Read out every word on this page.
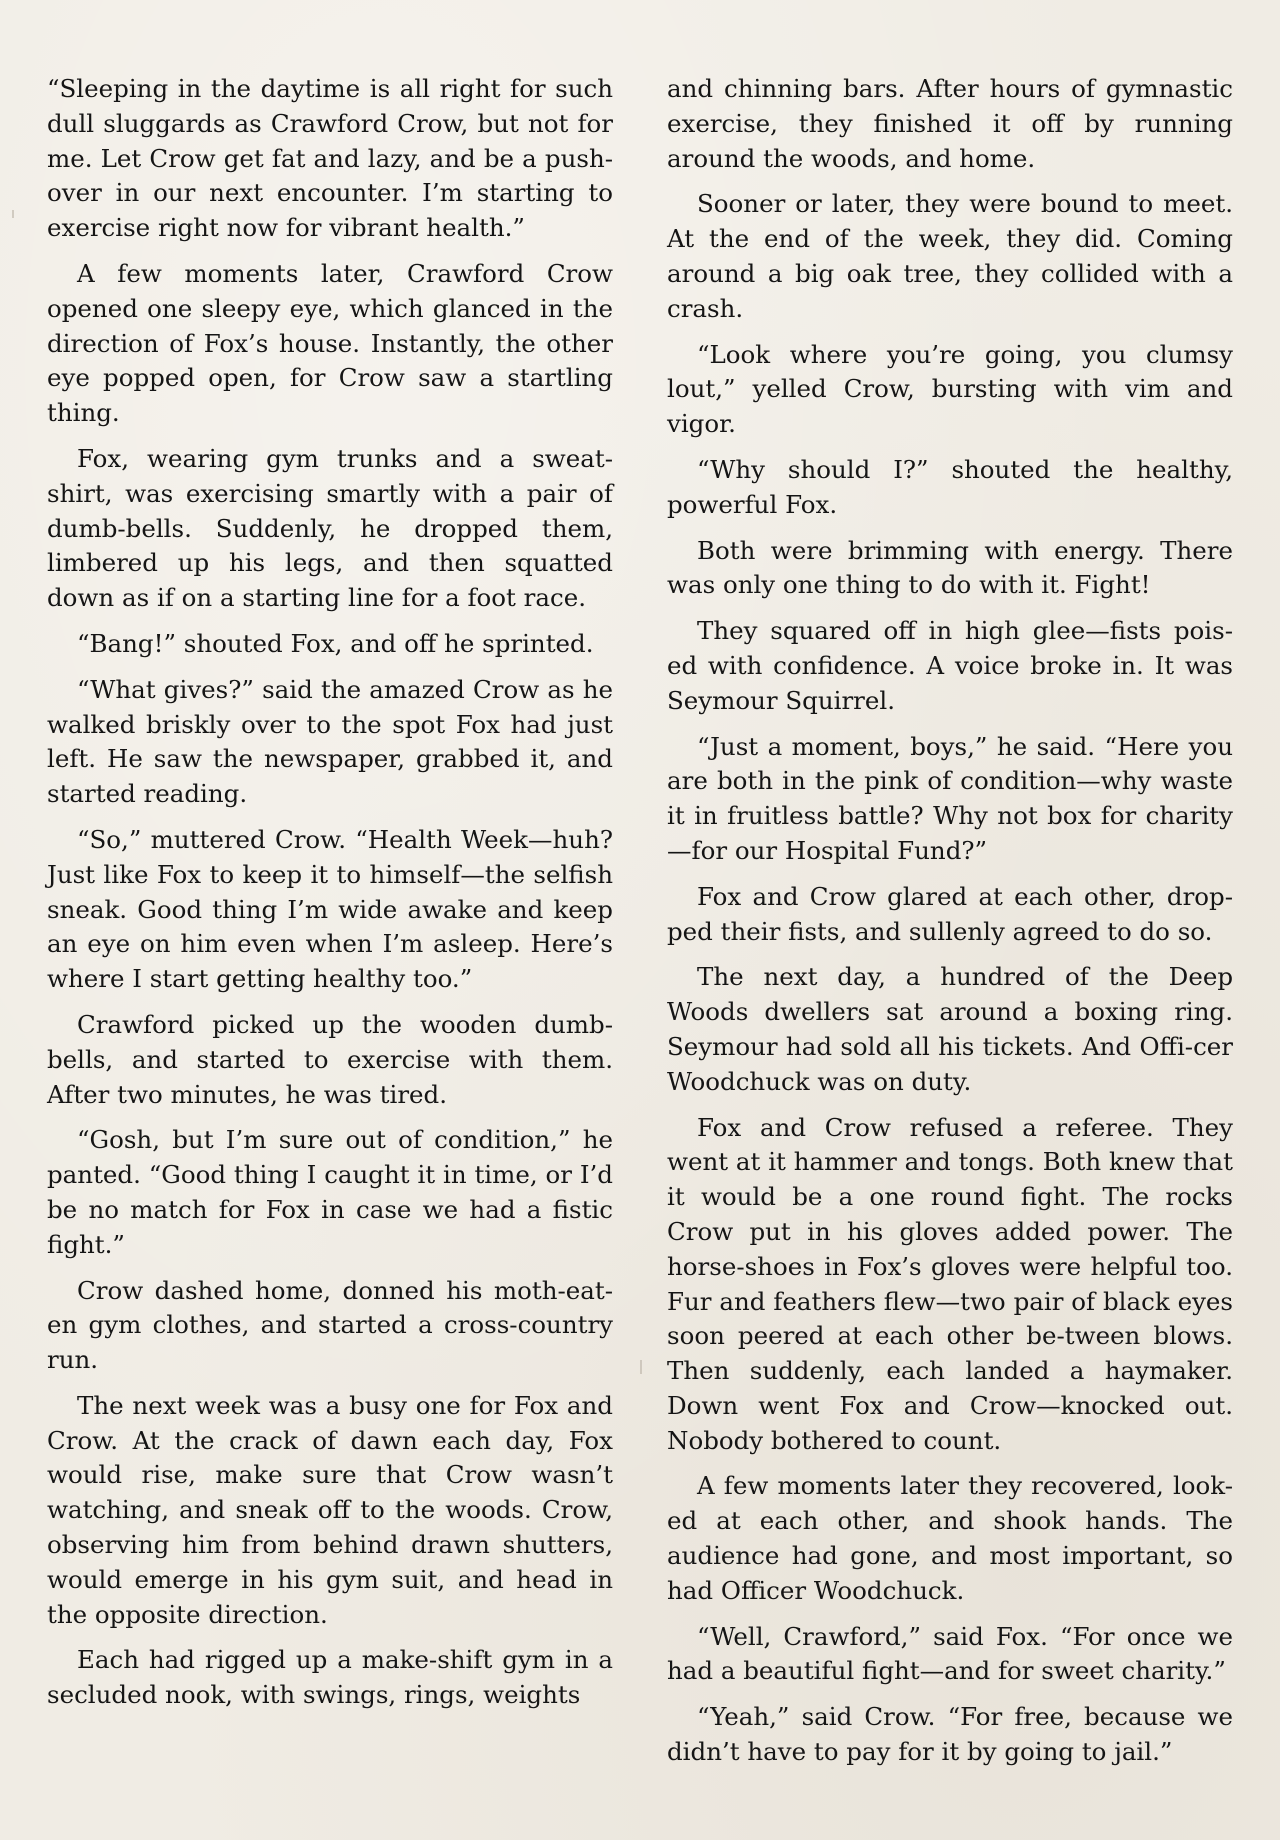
“Sleeping in the daytime is all right for such dull sluggards as Crawford Crow, but not for me. Let Crow get fat and lazy, and be a push-over in our next encounter. I’m starting to exercise right now for vibrant health.”

A few moments later, Crawford Crow opened one sleepy eye, which glanced in the direction of Fox’s house. Instantly, the other eye popped open, for Crow saw a startling thing.

Fox, wearing gym trunks and a sweat-shirt, was exercising smartly with a pair of dumb-bells. Suddenly, he dropped them, limbered up his legs, and then squatted down as if on a starting line for a foot race.

“Bang!” shouted Fox, and off he sprinted.

“What gives?” said the amazed Crow as he walked briskly over to the spot Fox had just left. He saw the newspaper, grabbed it, and started reading.

“So,” muttered Crow. “Health Week—huh? Just like Fox to keep it to himself—the selfish sneak. Good thing I’m wide awake and keep an eye on him even when I’m asleep. Here’s where I start getting healthy too.”

Crawford picked up the wooden dumb-bells, and started to exercise with them. After two minutes, he was tired.

“Gosh, but I’m sure out of condition,” he panted. “Good thing I caught it in time, or I’d be no match for Fox in case we had a fistic fight.”

Crow dashed home, donned his moth-eat-en gym clothes, and started a cross-country run.

The next week was a busy one for Fox and Crow. At the crack of dawn each day, Fox would rise, make sure that Crow wasn’t watching, and sneak off to the woods. Crow, observing him from behind drawn shutters, would emerge in his gym suit, and head in the opposite direction.

Each had rigged up a make-shift gym in a secluded nook, with swings, rings, weights

and chinning bars. After hours of gymnastic exercise, they finished it off by running around the woods, and home.

Sooner or later, they were bound to meet. At the end of the week, they did. Coming around a big oak tree, they collided with a crash.

“Look where you’re going, you clumsy lout,” yelled Crow, bursting with vim and vigor.

“Why should I?” shouted the healthy, powerful Fox.

Both were brimming with energy. There was only one thing to do with it. Fight!

They squared off in high glee—fists pois-ed with confidence. A voice broke in. It was Seymour Squirrel.

“Just a moment, boys,” he said. “Here you are both in the pink of condition—why waste it in fruitless battle? Why not box for charity—for our Hospital Fund?”

Fox and Crow glared at each other, drop-ped their fists, and sullenly agreed to do so.

The next day, a hundred of the Deep Woods dwellers sat around a boxing ring. Seymour had sold all his tickets. And Offi-cer Woodchuck was on duty.

Fox and Crow refused a referee. They went at it hammer and tongs. Both knew that it would be a one round fight. The rocks Crow put in his gloves added power. The horse-shoes in Fox’s gloves were helpful too. Fur and feathers flew—two pair of black eyes soon peered at each other be-tween blows. Then suddenly, each landed a haymaker. Down went Fox and Crow—knocked out. Nobody bothered to count.

A few moments later they recovered, look-ed at each other, and shook hands. The audience had gone, and most important, so had Officer Woodchuck.

“Well, Crawford,” said Fox. “For once we had a beautiful fight—and for sweet charity.”

“Yeah,” said Crow. “For free, because we didn’t have to pay for it by going to jail.”
